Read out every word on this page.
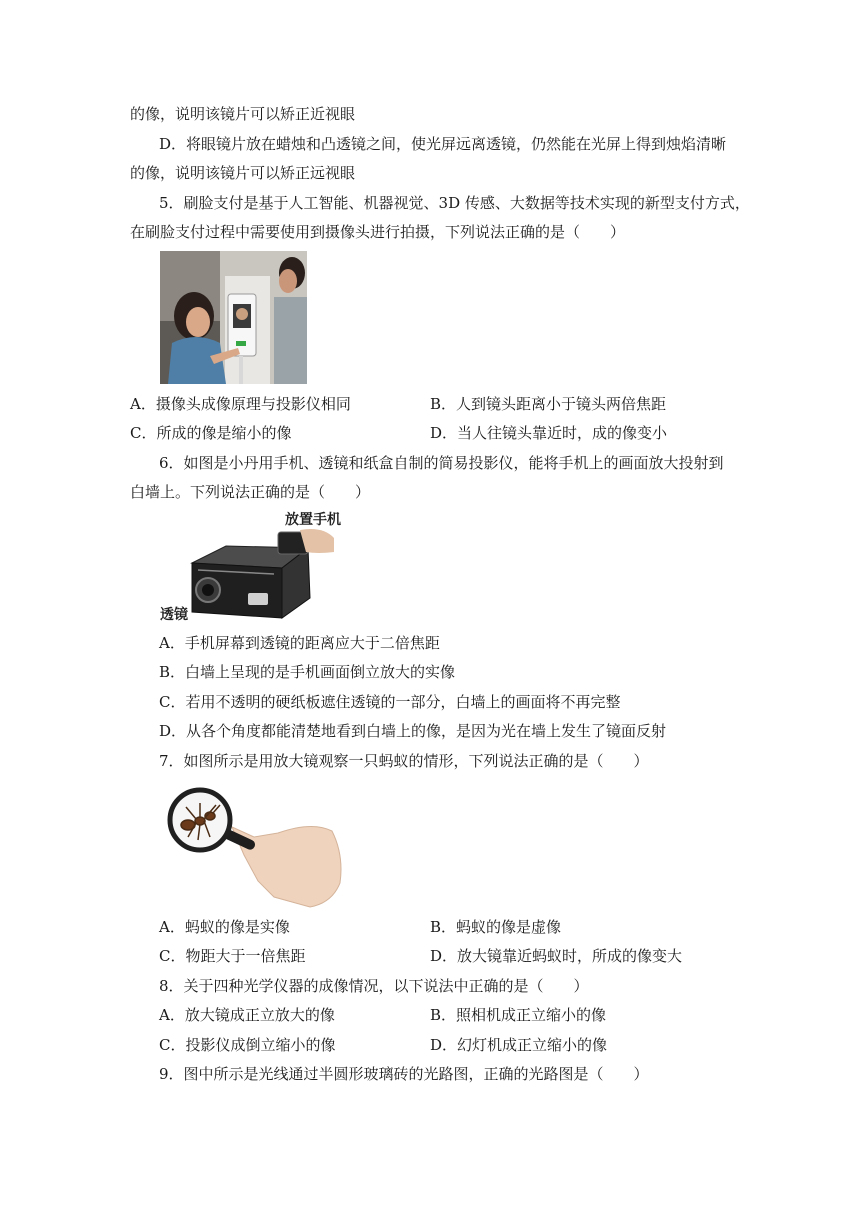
的像，说明该镜片可以矫正近视眼
D．将眼镜片放在蜡烛和凸透镜之间，使光屏远离透镜，仍然能在光屏上得到烛焰清晰
的像，说明该镜片可以矫正远视眼
5．刷脸支付是基于人工智能、机器视觉、3D 传感、大数据等技术实现的新型支付方式，
在刷脸支付过程中需要使用到摄像头进行拍摄，下列说法正确的是（　　）
A．摄像头成像原理与投影仪相同	B．人到镜头距离小于镜头两倍焦距
C．所成的像是缩小的像	D．当人往镜头靠近时，成的像变小
6．如图是小丹用手机、透镜和纸盒自制的简易投影仪，能将手机上的画面放大投射到
白墙上。下列说法正确的是（　　）
放置手机
透镜
A．手机屏幕到透镜的距离应大于二倍焦距
B．白墙上呈现的是手机画面倒立放大的实像
C．若用不透明的硬纸板遮住透镜的一部分，白墙上的画面将不再完整
D．从各个角度都能清楚地看到白墙上的像，是因为光在墙上发生了镜面反射
7．如图所示是用放大镜观察一只蚂蚁的情形，下列说法正确的是（　　）
A．蚂蚁的像是实像	B．蚂蚁的像是虚像
C．物距大于一倍焦距	D．放大镜靠近蚂蚁时，所成的像变大
8．关于四种光学仪器的成像情况，以下说法中正确的是（　　）
A．放大镜成正立放大的像	B．照相机成正立缩小的像
C．投影仪成倒立缩小的像	D．幻灯机成正立缩小的像
9．图中所示是光线通过半圆形玻璃砖的光路图，正确的光路图是（　　）
